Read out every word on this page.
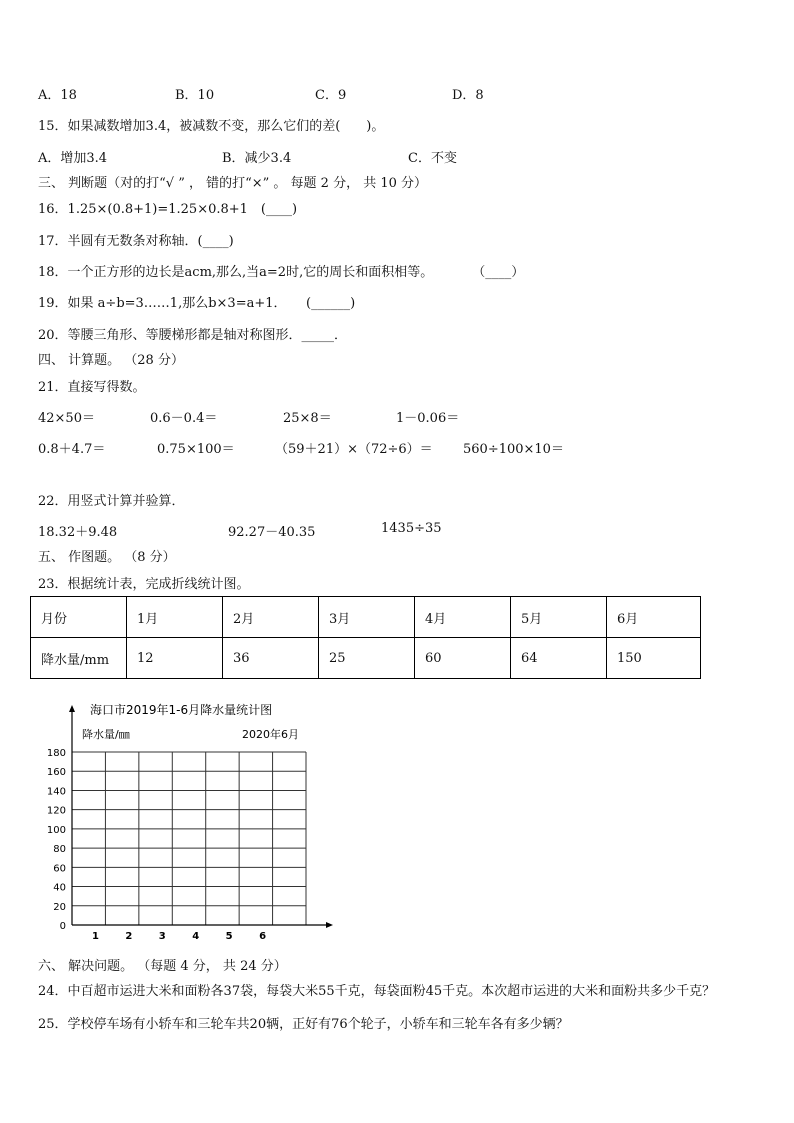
A．18	B．10	C．9	D．8
15．如果减数增加3.4，被减数不变，那么它们的差(　　)。
A．增加3.4	B．减少3.4	C．不变
三、 判断题（对的打“√ ” ， 错的打“×” 。 每题 2 分， 共 10 分）
16．1.25×(0.8+1)=1.25×0.8+1　(____)
17．半圆有无数条对称轴．(____)
18．一个正方形的边长是acm,那么,当a=2时,它的周长和面积相等。　　　　（____）
19．如果 a÷b=3……1,那么b×3=a+1．　　(______)
20．等腰三角形、等腰梯形都是轴对称图形．_____．
四、 计算题。 （28 分）
21．直接写得数。
42×50＝	0.6－0.4＝	25×8＝	1－0.06＝
0.8＋4.7＝	0.75×100＝	（59＋21）×（72÷6）＝ 560÷100×10＝
22．用竖式计算并验算．
18.32＋9.48	92.27－40.35	1435÷35
五、 作图题。 （8 分）
23．根据统计表，完成折线统计图。
月份	1月	2月	3月	4月	5月	6月
降水量/mm	12	36	25	60	64	150
海口市2019年1-6月降水量统计图
降水量/㎜	2020年6月
0
20
40
60
80
100
120
140
160
180
1	2	3	4	5	6
六、 解决问题。 （每题 4 分， 共 24 分）
24．中百超市运进大米和面粉各37袋，每袋大米55千克，每袋面粉45千克。本次超市运进的大米和面粉共多少千克？
25．学校停车场有小轿车和三轮车共20辆，正好有76个轮子，小轿车和三轮车各有多少辆？
